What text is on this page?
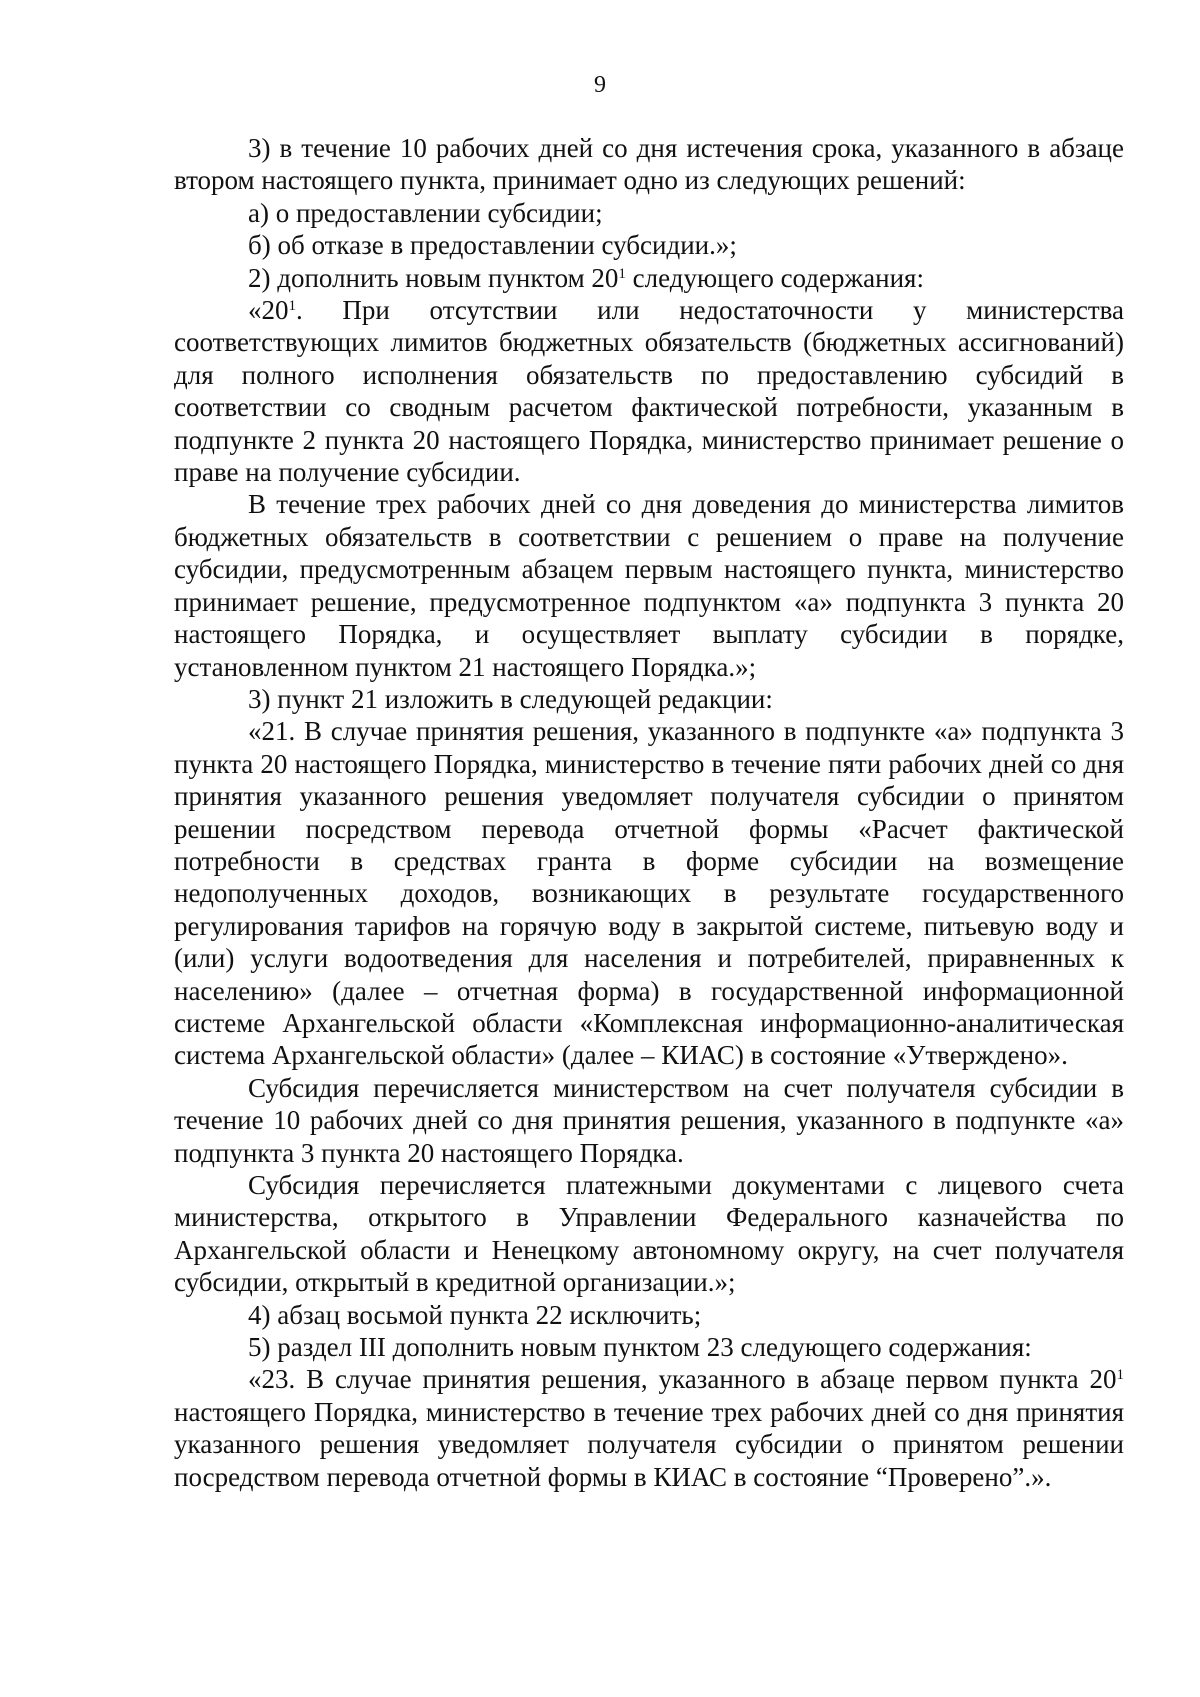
9

3) в течение 10 рабочих дней со дня истечения срока, указанного в абзаце втором настоящего пункта, принимает одно из следующих решений:

а) о предоставлении субсидии;

б) об отказе в предоставлении субсидии.»;

2) дополнить новым пунктом $20^1$ следующего содержания:

«$20^1$. При отсутствии или недостаточности у министерства соответствующих лимитов бюджетных обязательств (бюджетных ассигнований) для полного исполнения обязательств по предоставлению субсидий в соответствии со сводным расчетом фактической потребности, указанным в подпункте 2 пункта 20 настоящего Порядка, министерство принимает решение о праве на получение субсидии.

В течение трех рабочих дней со дня доведения до министерства лимитов бюджетных обязательств в соответствии с решением о праве на получение субсидии, предусмотренным абзацем первым настоящего пункта, министерство принимает решение, предусмотренное подпунктом «а» подпункта 3 пункта 20 настоящего Порядка, и осуществляет выплату субсидии в порядке, установленном пунктом 21 настоящего Порядка.»;

3) пункт 21 изложить в следующей редакции:

«21. В случае принятия решения, указанного в подпункте «а» подпункта 3 пункта 20 настоящего Порядка, министерство в течение пяти рабочих дней со дня принятия указанного решения уведомляет получателя субсидии о принятом решении посредством перевода отчетной формы «Расчет фактической потребности в средствах гранта в форме субсидии на возмещение недополученных доходов, возникающих в результате государственного регулирования тарифов на горячую воду в закрытой системе, питьевую воду и (или) услуги водоотведения для населения и потребителей, приравненных к населению» (далее – отчетная форма) в государственной информационной системе Архангельской области «Комплексная информационно-аналитическая система Архангельской области» (далее – КИАС) в состояние «Утверждено».

Субсидия перечисляется министерством на счет получателя субсидии в течение 10 рабочих дней со дня принятия решения, указанного в подпункте «а» подпункта 3 пункта 20 настоящего Порядка.

Субсидия перечисляется платежными документами с лицевого счета министерства, открытого в Управлении Федерального казначейства по Архангельской области и Ненецкому автономному округу, на счет получателя субсидии, открытый в кредитной организации.»;

4) абзац восьмой пункта 22 исключить;

5) раздел III дополнить новым пунктом 23 следующего содержания:

«23. В случае принятия решения, указанного в абзаце первом пункта $20^1$ настоящего Порядка, министерство в течение трех рабочих дней со дня принятия указанного решения уведомляет получателя субсидии о принятом решении посредством перевода отчетной формы в КИАС в состояние “Проверено”.».
